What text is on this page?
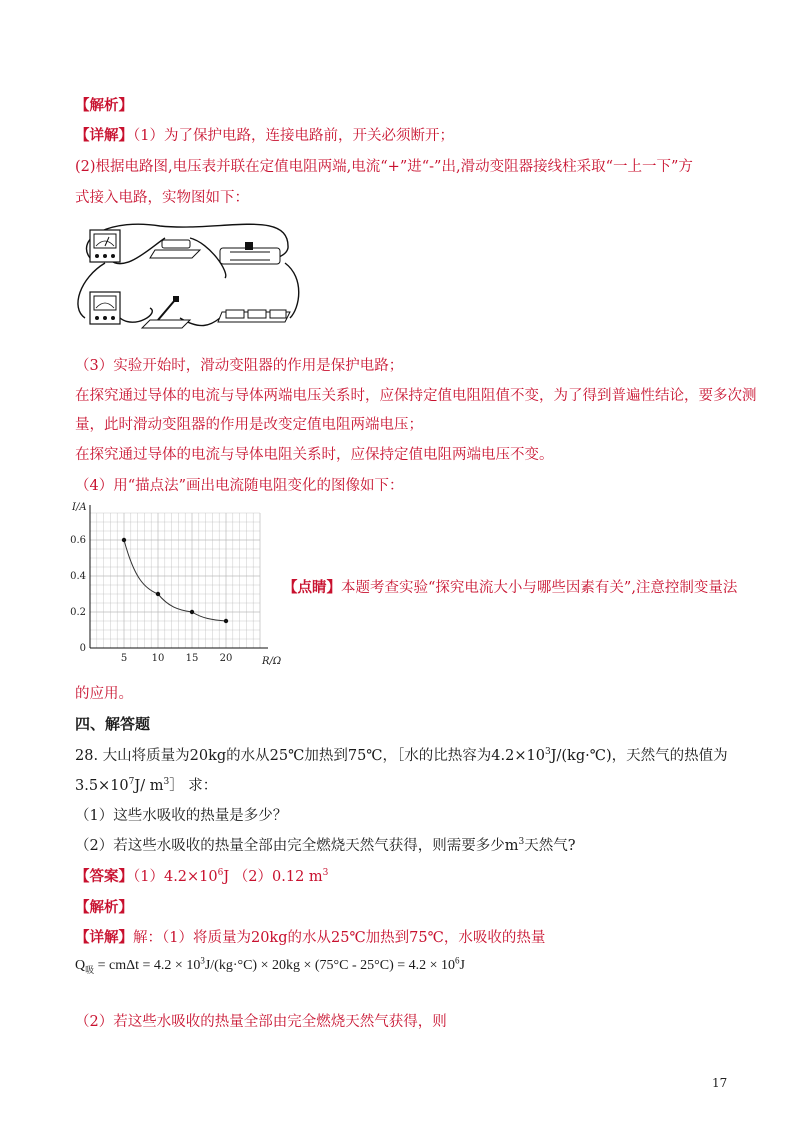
【解析】
【详解】（1）为了保护电路，连接电路前，开关必须断开；
(2)根据电路图,电压表并联在定值电阻两端,电流“+”进“-”出,滑动变阻器接线柱采取“一上一下”方
式接入电路，实物图如下：
（3）实验开始时，滑动变阻器的作用是保护电路；
在探究通过导体的电流与导体两端电压关系时，应保持定值电阻阻值不变，为了得到普遍性结论，要多次测
量，此时滑动变阻器的作用是改变定值电阻两端电压；
在探究通过导体的电流与导体电阻关系时，应保持定值电阻两端电压不变。
（4）用“描点法”画出电流随电阻变化的图像如下：
5 10 15 20
0
0.2
0.4
0.6
I/A
R/Ω
【点睛】本题考查实验“探究电流大小与哪些因素有关”,注意控制变量法
的应用。
四、解答题
28. 大山将质量为20kg的水从25℃加热到75℃，［水的比热容为$4.2\times 10^3J/(kg\cdot℃)$，天然气的热值为
$3.5\times 10^7J/$ $m^3]$ 求：
（1）这些水吸收的热量是多少？
（2）若这些水吸收的热量全部由完全燃烧天然气获得，则需要多少$m^3$天然气?
【答案】$(1)4.2\times 10^6J$ （2）0.12 $m^3$
【解析】
【详解】解：（1）将质量为20kg的水从25℃加热到75℃，水吸收的热量
$Q_吸 = cm\Delta t = 4.2 \times 10^3J/(kg\cdot^\circ C) \times 20kg \times (75^\circ C - 25^\circ C) = 4.2 \times 10^6J$
（2）若这些水吸收的热量全部由完全燃烧天然气获得，则
17
